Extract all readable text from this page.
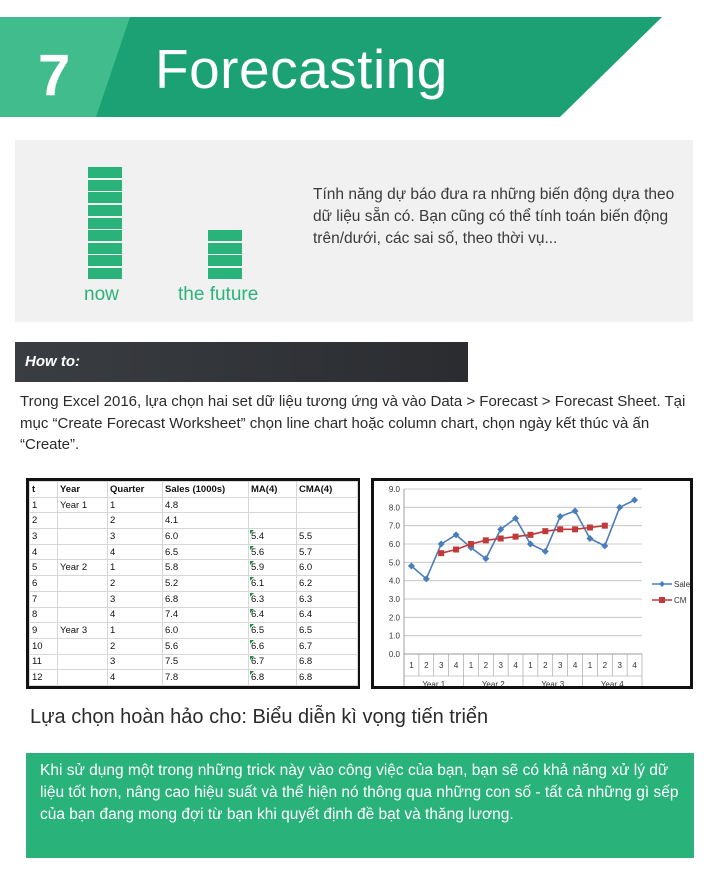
7 Forecasting
now	the future
Tính năng dự báo đưa ra những biến động dựa theo dữ liệu sẵn có. Bạn cũng có thể tính toán biến động trên/dưới, các sai số, theo thời vụ...
How to:
Trong Excel 2016, lựa chọn hai set dữ liệu tương ứng và vào Data > Forecast > Forecast Sheet. Tại mục “Create Forecast Worksheet” chọn line chart hoặc column chart, chọn ngày kết thúc và ấn “Create”.
t	Year	Quarter	Sales (1000s)	MA(4)	CMA(4)
1	Year 1	1	4.8		
2		2	4.1		
3		3	6.0	5.4	5.5
4		4	6.5	5.6	5.7
5	Year 2	1	5.8	5.9	6.0
6		2	5.2	6.1	6.2
7		3	6.8	6.3	6.3
8		4	7.4	6.4	6.4
9	Year 3	1	6.0	6.5	6.5
10		2	5.6	6.6	6.7
11		3	7.5	6.7	6.8
12		4	7.8	6.8	6.8
0.0
1.0
2.0
3.0
4.0
5.0
6.0
7.0
8.0
9.0
1 2 3 4 1 2 3 4 1 2 3 4 1 2 3 4
Year 1	Year 2	Year 3	Year 4
Sale
CM
Lựa chọn hoàn hảo cho: Biểu diễn kì vọng tiến triển
Khi sử dụng một trong những trick này vào công việc của bạn, bạn sẽ có khả năng xử lý dữ liệu tốt hơn, nâng cao hiệu suất và thể hiện nó thông qua những con số - tất cả những gì sếp của bạn đang mong đợi từ bạn khi quyết định đề bạt và thăng lương.
